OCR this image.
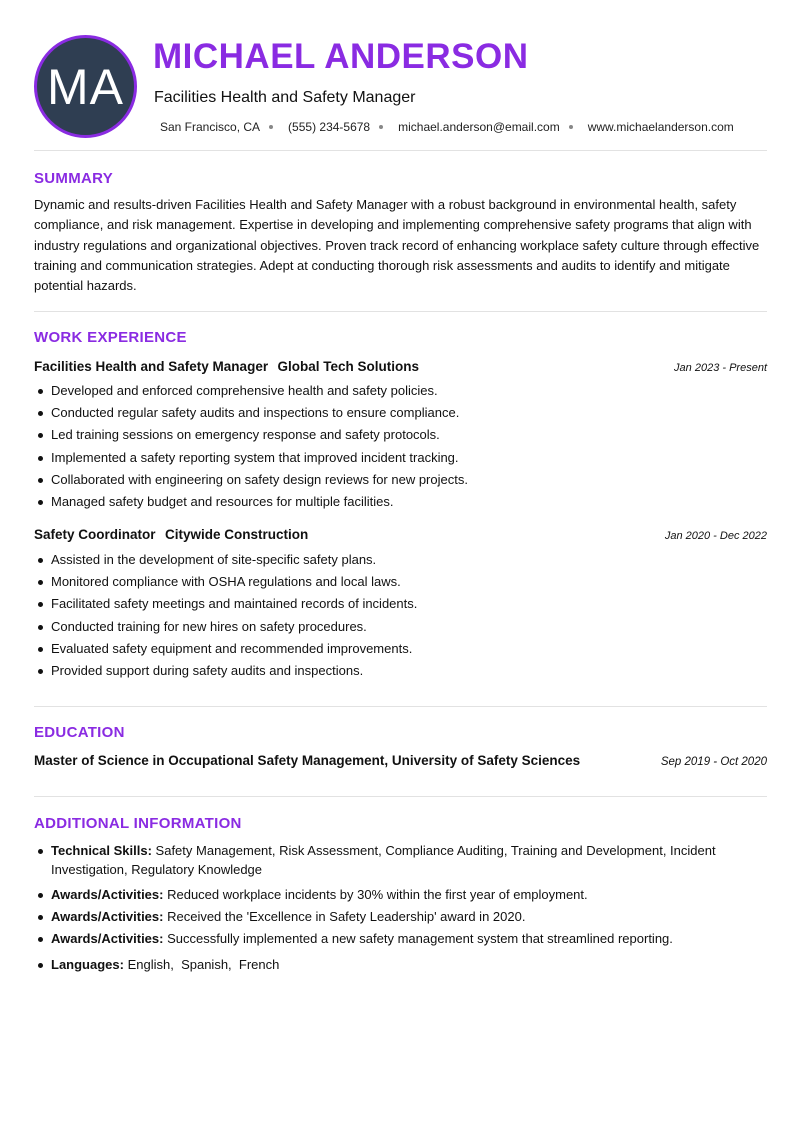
MA
MICHAEL ANDERSON
Facilities Health and Safety Manager
San Francisco, CA (555) 234-5678 michael.anderson@email.com www.michaelanderson.com
SUMMARY
Dynamic and results-driven Facilities Health and Safety Manager with a robust background in environmental health, safety compliance, and risk management. Expertise in developing and implementing comprehensive safety programs that align with industry regulations and organizational objectives. Proven track record of enhancing workplace safety culture through effective training and communication strategies. Adept at conducting thorough risk assessments and audits to identify and mitigate potential hazards.
WORK EXPERIENCE
Facilities Health and Safety Manager Global Tech Solutions	Jan 2023 - Present
Developed and enforced comprehensive health and safety policies.
Conducted regular safety audits and inspections to ensure compliance.
Led training sessions on emergency response and safety protocols.
Implemented a safety reporting system that improved incident tracking.
Collaborated with engineering on safety design reviews for new projects.
Managed safety budget and resources for multiple facilities.
Safety Coordinator Citywide Construction	Jan 2020 - Dec 2022
Assisted in the development of site-specific safety plans.
Monitored compliance with OSHA regulations and local laws.
Facilitated safety meetings and maintained records of incidents.
Conducted training for new hires on safety procedures.
Evaluated safety equipment and recommended improvements.
Provided support during safety audits and inspections.
EDUCATION
Master of Science in Occupational Safety Management, University of Safety Sciences	Sep 2019 - Oct 2020
ADDITIONAL INFORMATION
Technical Skills: Safety Management, Risk Assessment, Compliance Auditing, Training and Development, Incident Investigation, Regulatory Knowledge
Awards/Activities: Reduced workplace incidents by 30% within the first year of employment.
Awards/Activities: Received the 'Excellence in Safety Leadership' award in 2020.
Awards/Activities: Successfully implemented a new safety management system that streamlined reporting.
Languages: English,  Spanish,  French
